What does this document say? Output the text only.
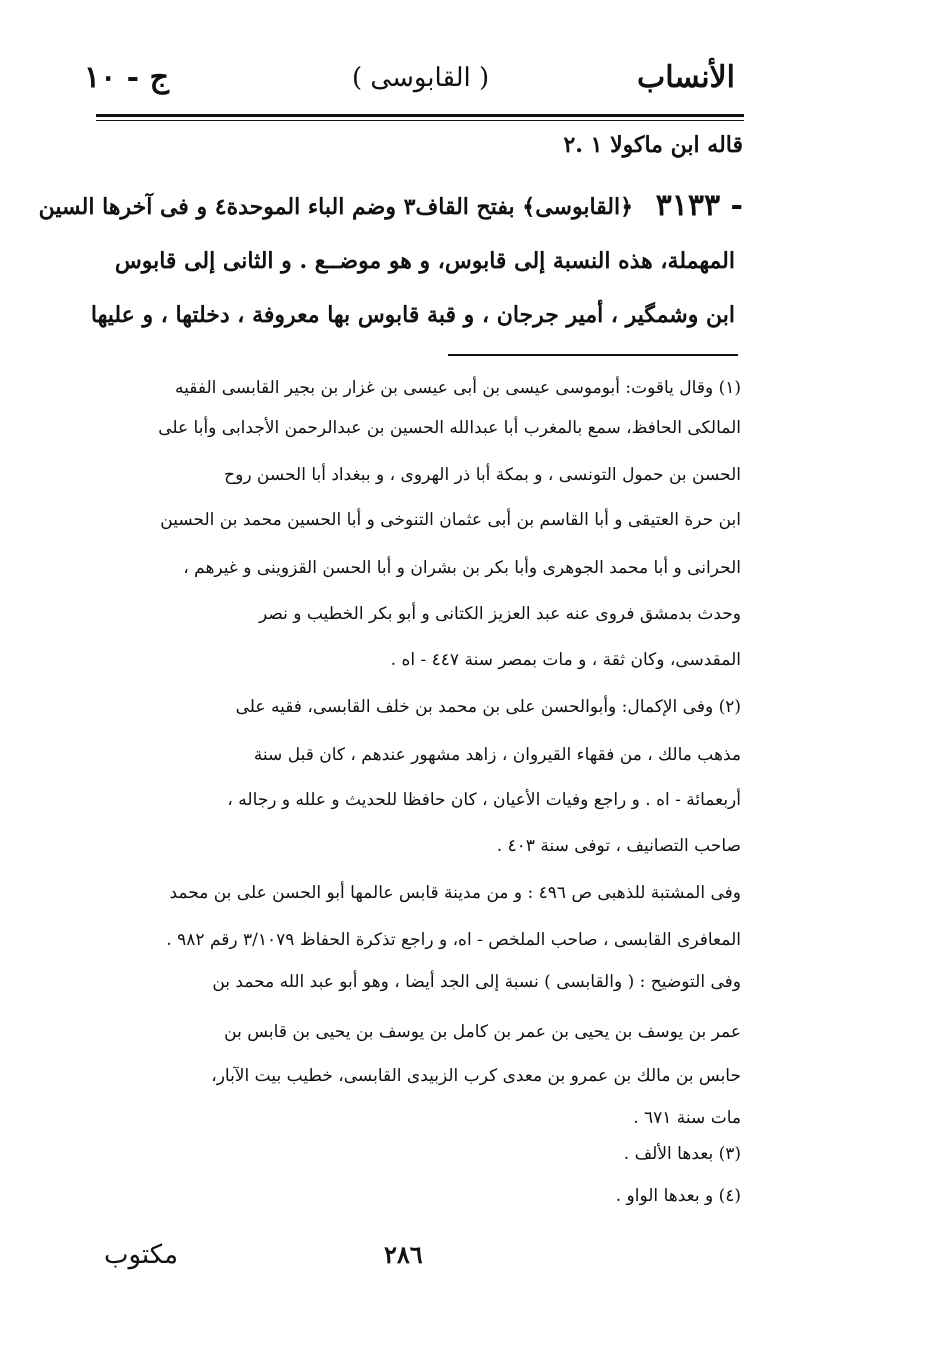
الأنساب
( القابوسى )
ج - ١٠
قاله ابن ماكولا ١ .٢
٣١٣٣ -
﴿القابوسى﴾ بفتح القاف٣ وضم الباء الموحدة٤ و فى آخرها السين
المهملة، هذه النسبة إلى قابوس، و هو موضــع . و الثانى إلى قابوس
ابن وشمگير ، أمير جرجان ، و قبة قابوس بها معروفة ، دخلتها ، و عليها
(١) وقال ياقوت: أبوموسى عيسى بن أبى عيسى بن غزار بن بجير القابسى الفقيه
المالكى الحافظ، سمع بالمغرب أبا عبدالله الحسين بن عبدالرحمن الأجدابى وأبا على
الحسن بن حمول التونسى ، و بمكة أبا ذر الهروى ، و ببغداد أبا الحسن روح
ابن حرة العتيقى و أبا القاسم بن أبى عثمان التنوخى و أبا الحسين محمد بن الحسين
الحرانى و أبا محمد الجوهرى وأبا بكر بن بشران و أبا الحسن القزوينى و غيرهم ،
وحدث بدمشق فروى عنه عبد العزيز الكتانى و أبو بكر الخطيب و نصر
المقدسى، وكان ثقة ، و مات بمصر سنة ٤٤٧ - اه .
(٢) وفى الإكمال: وأبوالحسن على بن محمد بن خلف القابسى، فقيه على
مذهب مالك ، من فقهاء القيروان ، زاهد مشهور عندهم ، كان قبل سنة
أربعمائة - اه . و راجع وفيات الأعيان ، كان حافظا للحديث و علله و رجاله ،
صاحب التصانيف ، توفى سنة ٤٠٣ .
وفى المشتبة للذهبى ص ٤٩٦ : و من مدينة قابس عالمها أبو الحسن على بن محمد
المعافرى القابسى ، صاحب الملخص - اه، و راجع تذكرة الحفاظ ٣/١٠٧٩ رقم ٩٨٢ .
وفى التوضيح : ( والقابسى ) نسبة إلى الجد أيضا ، وهو أبو عبد الله محمد بن
عمر بن يوسف بن يحيى بن عمر بن كامل بن يوسف بن يحيى بن قابس بن
حابس بن مالك بن عمرو بن معدى كرب الزبيدى القابسى، خطيب بيت الآبار،
مات سنة ٦٧١ .
(٣) بعدها الألف .
(٤) و بعدها الواو .
٢٨٦
مكتوب
